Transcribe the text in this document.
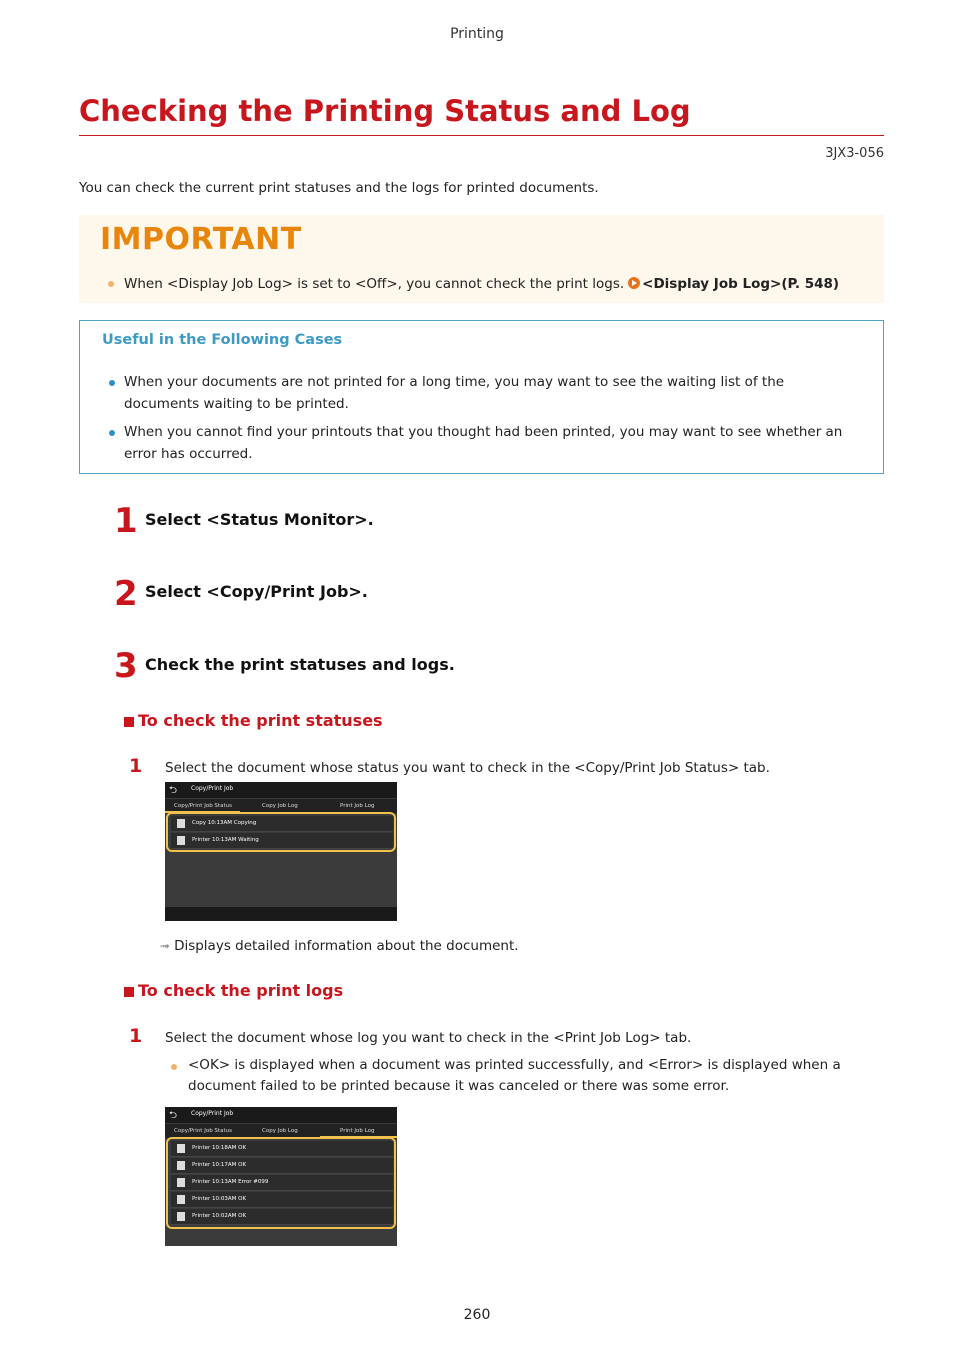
Printing
Checking the Printing Status and Log
3JX3-056
You can check the current print statuses and the logs for printed documents.
IMPORTANT
When <Display Job Log> is set to <Off>, you cannot check the print logs. <Display Job Log>(P. 548)
Useful in the Following Cases
When your documents are not printed for a long time, you may want to see the waiting list of the documents waiting to be printed.
When you cannot find your printouts that you thought had been printed, you may want to see whether an error has occurred.
1 Select <Status Monitor>.
2 Select <Copy/Print Job>.
3 Check the print statuses and logs.
To check the print statuses
1 Select the document whose status you want to check in the <Copy/Print Job Status> tab.
⮌ Copy/Print Job
Copy/Print Job Status	Copy Job Log	Print Job Log
Copy 10:13AM Copying
Printer 10:13AM Waiting
➟ Displays detailed information about the document.
To check the print logs
1 Select the document whose log you want to check in the <Print Job Log> tab.
<OK> is displayed when a document was printed successfully, and <Error> is displayed when a document failed to be printed because it was canceled or there was some error.
⮌ Copy/Print Job
Copy/Print Job Status	Copy Job Log	Print Job Log
Printer 10:18AM OK
Printer 10:17AM OK
Printer 10:13AM Error #099
Printer 10:03AM OK
Printer 10:02AM OK
260
